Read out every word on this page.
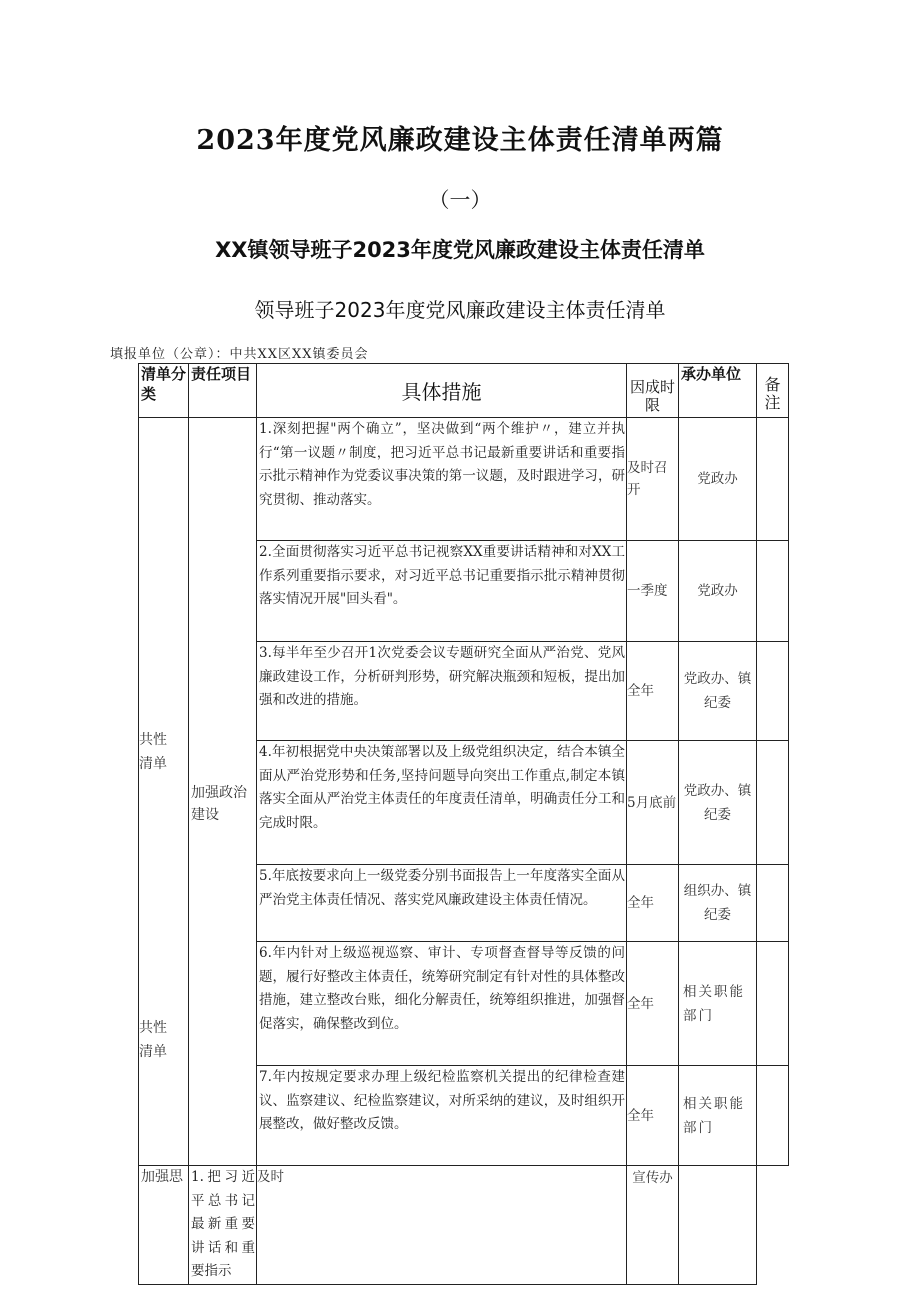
2023年度党风廉政建设主体责任清单两篇
（一）
XX镇领导班子2023年度党风廉政建设主体责任清单
领导班子2023年度党风廉政建设主体责任清单
填报单位（公章）：中共XX区XX镇委员会
清单分类	责任项目	具体措施	因成时限	承办单位	备注

共性清单
共性清单	加强政治建设	1.深刻把握"两个确立”，坚决做到“两个维护〃，建立并执行“第一议题〃制度，把习近平总书记最新重要讲话和重要指示批示精神作为党委议事决策的第一议题，及时跟进学习，研究贯彻、推动落实。	及时召开	党政办	
		2.全面贯彻落实习近平总书记视察XX重要讲话精神和对XX工作系列重要指示要求，对习近平总书记重要指示批示精神贯彻落实情况开展"回头看"。	一季度	党政办	
		3.每半年至少召开1次党委会议专题研究全面从严治党、党风廉政建设工作，分析研判形势，研究解决瓶颈和短板，提出加强和改进的措施。	全年	党政办、镇纪委	
		4.年初根据党中央决策部署以及上级党组织决定，结合本镇全面从严治党形势和任务,坚持问题导向突出工作重点,制定本镇落实全面从严治党主体责任的年度责任清单，明确责任分工和完成时限。	5月底前	党政办、镇纪委	
		5.年底按要求向上一级党委分别书面报告上一年度落实全面从严治党主体责任情况、落实党风廉政建设主体责任情况。	全年	组织办、镇纪委	
		6.年内针对上级巡视巡察、审计、专项督查督导等反馈的问题，履行好整改主体责任，统筹研究制定有针对性的具体整改措施，建立整改台账，细化分解责任，统筹组织推进，加强督促落实，确保整改到位。	全年	相关职能部门	
		7.年内按规定要求办理上级纪检监察机关提出的纪律检查建议、监察建议、纪检监察建议，对所采纳的建议，及时组织开展整改，做好整改反馈。	全年	相关职能部门	
加强思	1.把习近平总书记最新重要讲话和重要指示	及时	宣传办		
